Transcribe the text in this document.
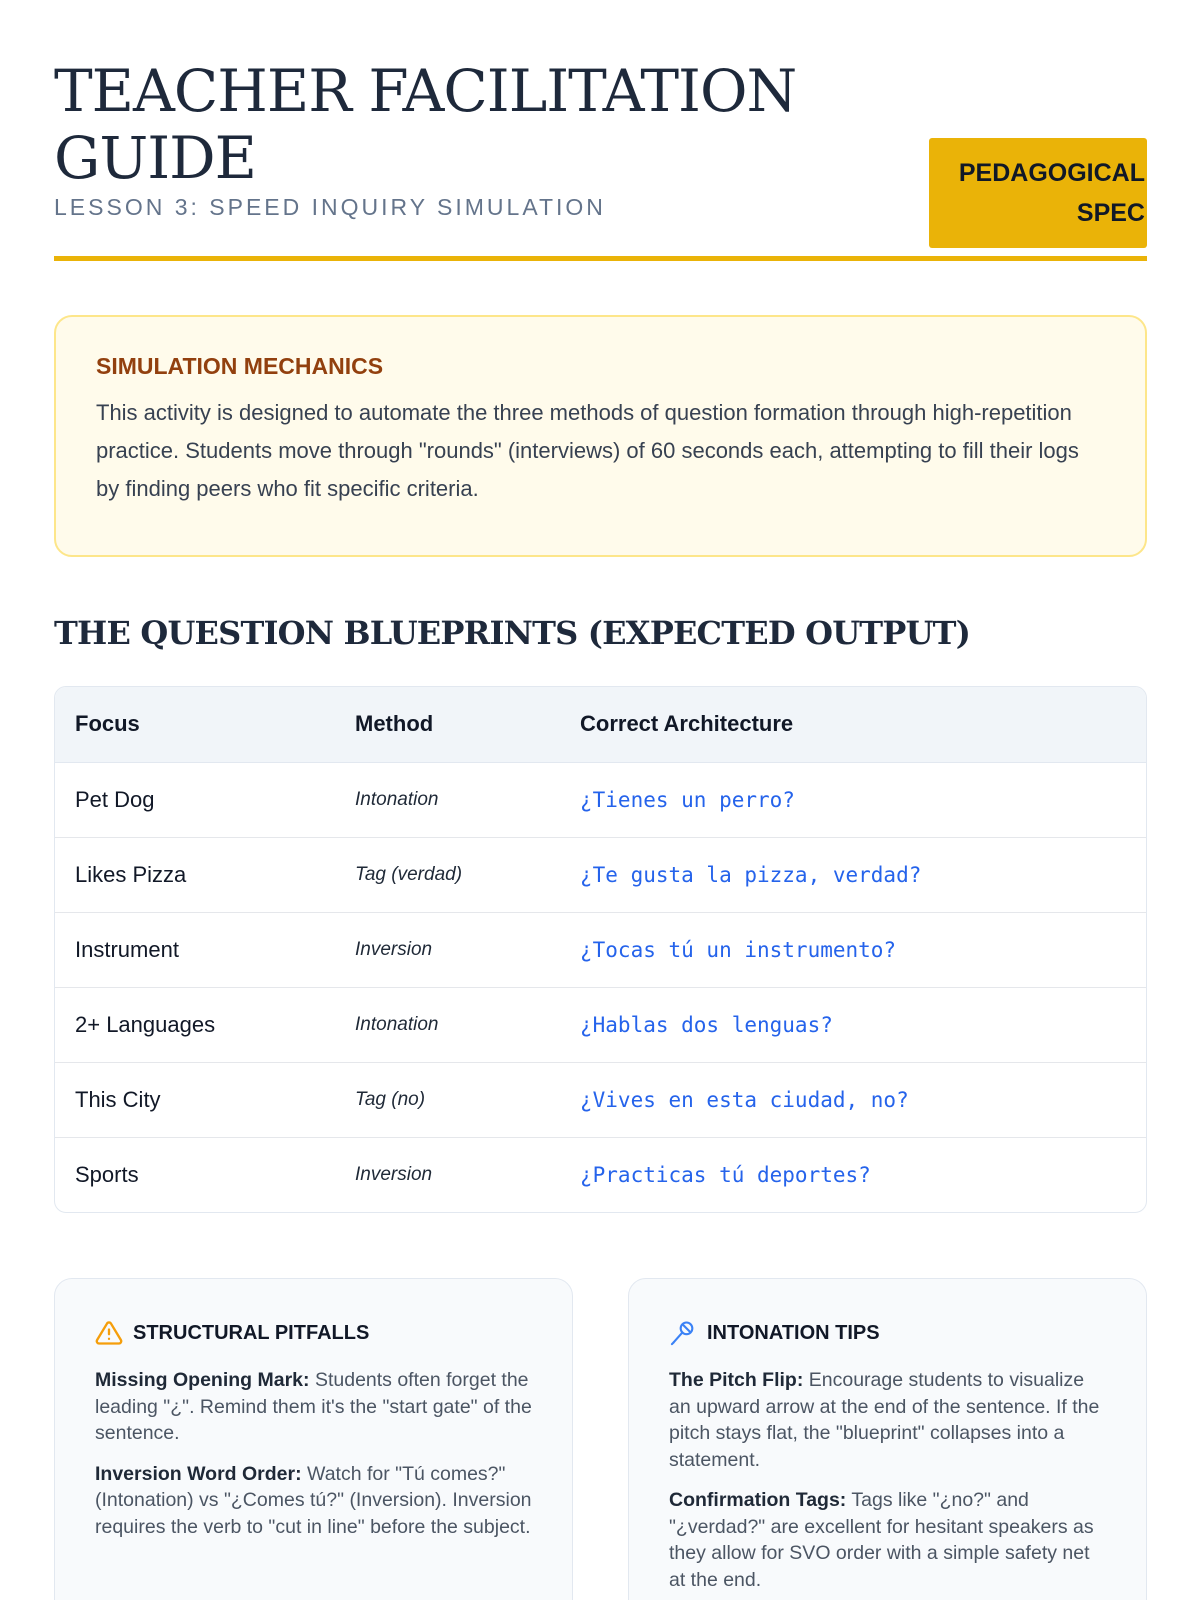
TEACHER FACILITATION GUIDE
LESSON 3: SPEED INQUIRY SIMULATION
PEDAGOGICAL SPEC
SIMULATION MECHANICS

This activity is designed to automate the three methods of question formation through high-repetition practice. Students move through "rounds" (interviews) of 60 seconds each, attempting to fill their logs by finding peers who fit specific criteria.

THE QUESTION BLUEPRINTS (EXPECTED OUTPUT)
Focus	Method	Correct Architecture
Pet Dog	Intonation	¿Tienes un perro?
Likes Pizza	Tag (verdad)	¿Te gusta la pizza, verdad?
Instrument	Inversion	¿Tocas tú un instrumento?
2+ Languages	Intonation	¿Hablas dos lenguas?
This City	Tag (no)	¿Vives en esta ciudad, no?
Sports	Inversion	¿Practicas tú deportes?
STRUCTURAL PITFALLS

Missing Opening Mark: Students often forget the leading "¿". Remind them it's the "start gate" of the sentence.

Inversion Word Order: Watch for "Tú comes?" (Intonation) vs "¿Comes tú?" (Inversion). Inversion requires the verb to "cut in line" before the subject.

INTONATION TIPS

The Pitch Flip: Encourage students to visualize an upward arrow at the end of the sentence. If the pitch stays flat, the "blueprint" collapses into a statement.

Confirmation Tags: Tags like "¿no?" and "¿verdad?" are excellent for hesitant speakers as they allow for SVO order with a simple safety net at the end.
